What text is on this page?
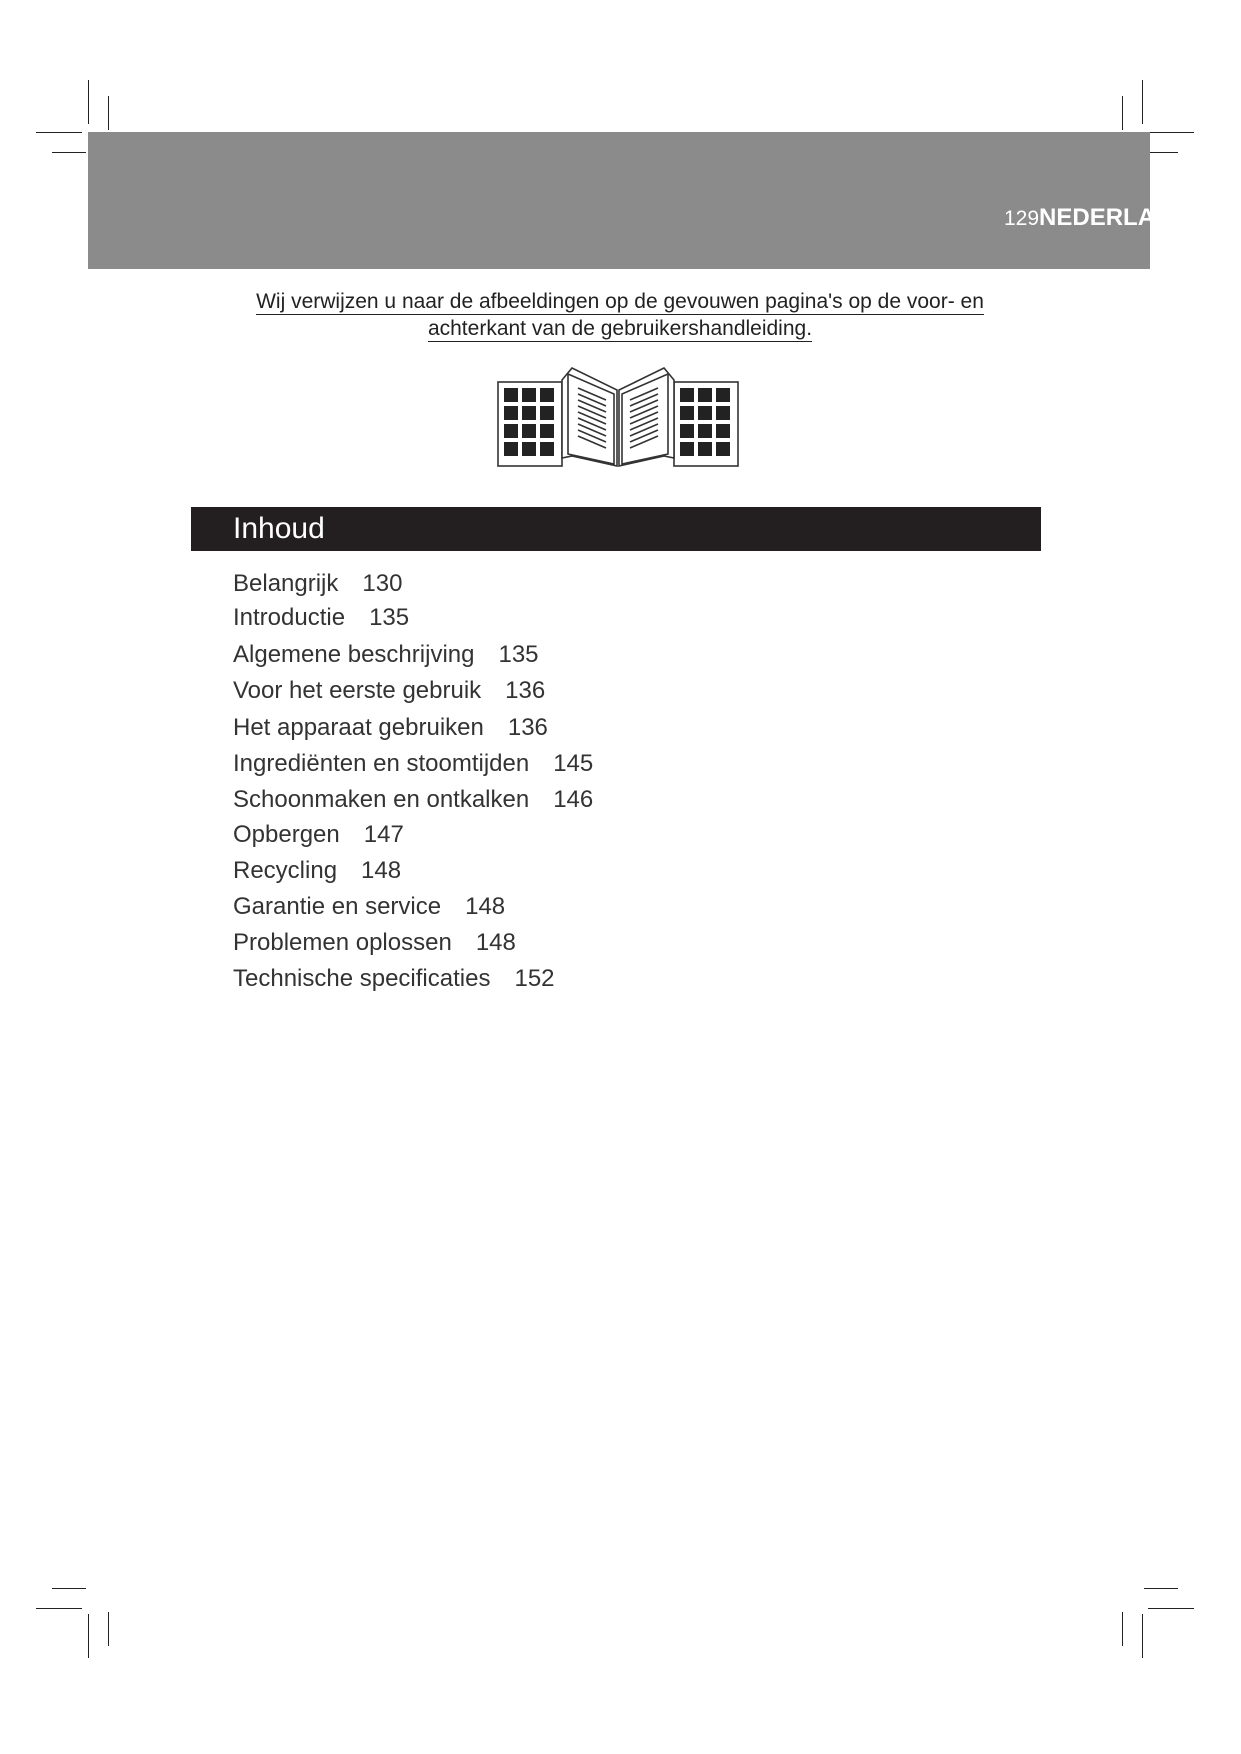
129NEDERLANDS
Wij verwijzen u naar de afbeeldingen op de gevouwen pagina's op de voor- en
achterkant van de gebruikershandleiding.
Inhoud
Belangrijk 130
Introductie 135
Algemene beschrijving 135
Voor het eerste gebruik 136
Het apparaat gebruiken 136
Ingrediënten en stoomtijden 145
Schoonmaken en ontkalken 146
Opbergen 147
Recycling 148
Garantie en service 148
Problemen oplossen 148
Technische specificaties 152
